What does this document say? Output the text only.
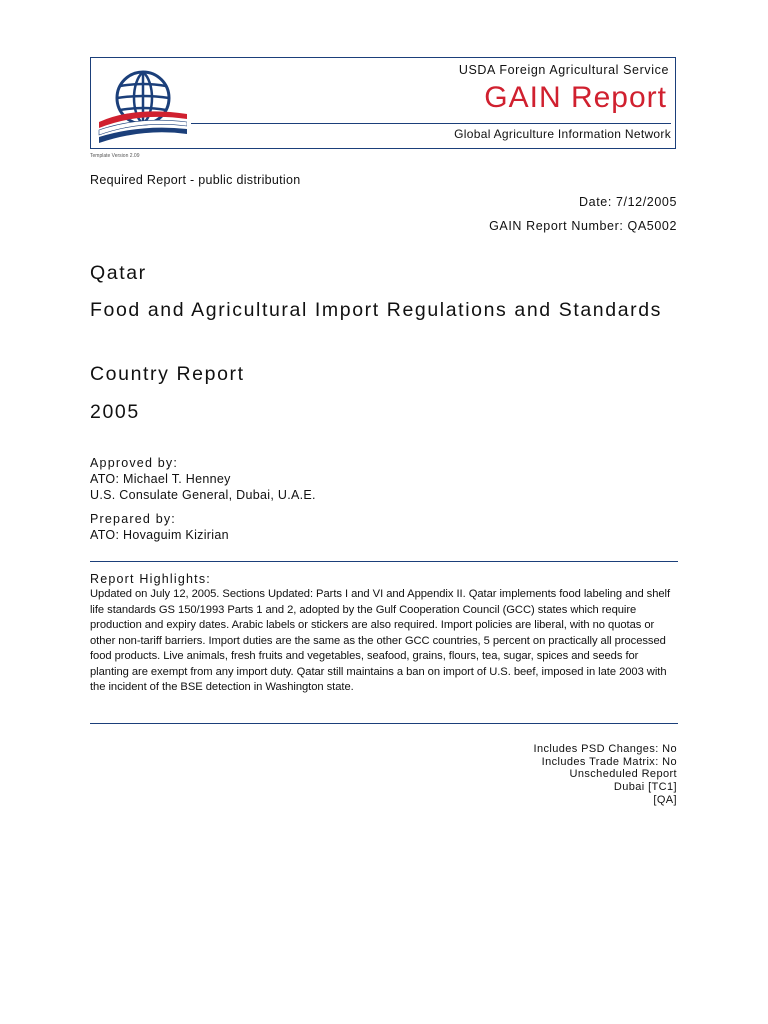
USDA Foreign Agricultural Service
GAIN Report
Global Agriculture Information Network
Template Version 2.09
Required Report - public distribution
Date: 7/12/2005
GAIN Report Number: QA5002
Qatar
Food and Agricultural Import Regulations and Standards
Country Report
2005
Approved by:
ATO: Michael T. Henney
U.S. Consulate General, Dubai, U.A.E.
Prepared by:
ATO: Hovaguim Kizirian
Report Highlights:
Updated on July 12, 2005. Sections Updated: Parts I and VI and Appendix II. Qatar implements food labeling and shelf life standards GS 150/1993 Parts 1 and 2, adopted by the Gulf Cooperation Council (GCC) states which require production and expiry dates. Arabic labels or stickers are also required. Import policies are liberal, with no quotas or other non-tariff barriers. Import duties are the same as the other GCC countries, 5 percent on practically all processed food products. Live animals, fresh fruits and vegetables, seafood, grains, flours, tea, sugar, spices and seeds for planting are exempt from any import duty. Qatar still maintains a ban on import of U.S. beef, imposed in late 2003 with the incident of the BSE detection in Washington state.
Includes PSD Changes: No
Includes Trade Matrix: No
Unscheduled Report
Dubai [TC1]
[QA]
